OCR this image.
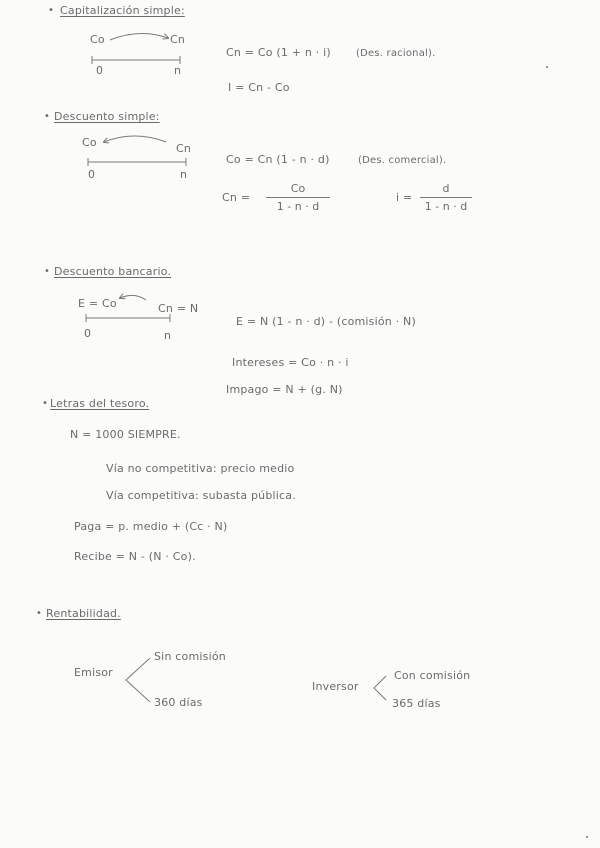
• Capitalización simple:
Co	Cn
0	n
Cn = Co (1 + n · i)	(Des. racional).
I = Cn - Co
• Descuento simple:
Co	Cn
0	n
Co = Cn (1 - n · d)	(Des. comercial).
Cn =
Co
1 - n · d
i =
d
1 - n · d
• Descuento bancario.
E = Co	Cn = N
0	n
E = N (1 - n · d) - (comisión · N)
Intereses = Co · n · i
Impago = N + (g. N)
• Letras del tesoro.
N = 1000 SIEMPRE.
Vía no competitiva: precio medio
Vía competitiva: subasta pública.
Paga = p. medio + (Cc · N)
Recibe = N - (N · Co).
• Rentabilidad.
Emisor
Sin comisión
360 días
Inversor
Con comisión
365 días
